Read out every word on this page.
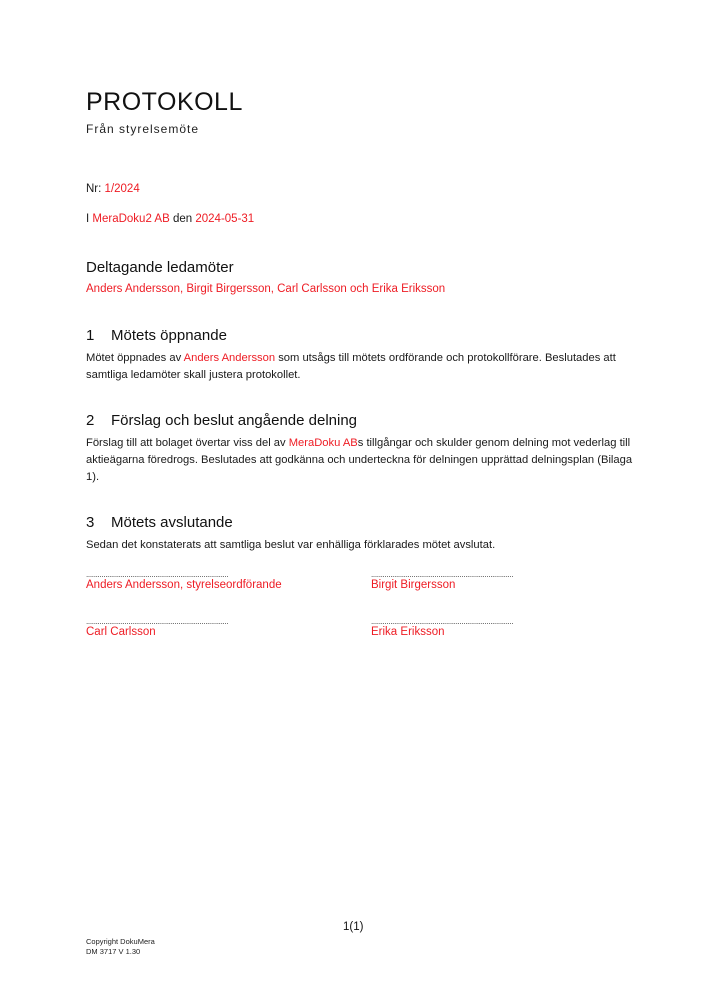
PROTOKOLL
Från styrelsemöte
Nr: 1/2024
I MeraDoku2 AB den 2024-05-31
Deltagande ledamöter
Anders Andersson, Birgit Birgersson, Carl Carlsson och Erika Eriksson
1 Mötets öppnande
Mötet öppnades av Anders Andersson som utsågs till mötets ordförande och protokollförare. Beslutades att samtliga ledamöter skall justera protokollet.
2 Förslag och beslut angående delning
Förslag till att bolaget övertar viss del av MeraDoku ABs tillgångar och skulder genom delning mot vederlag till aktieägarna föredrogs. Beslutades att godkänna och underteckna för delningen upprättad delningsplan (Bilaga 1).
3 Mötets avslutande
Sedan det konstaterats att samtliga beslut var enhälliga förklarades mötet avslutat.
..........................................................................
Anders Andersson, styrelseordförande
..........................................................................
Birgit Birgersson
..........................................................................
Carl Carlsson
..........................................................................
Erika Eriksson
1(1)
Copyright DokuMera
DM 3717 V 1.30
